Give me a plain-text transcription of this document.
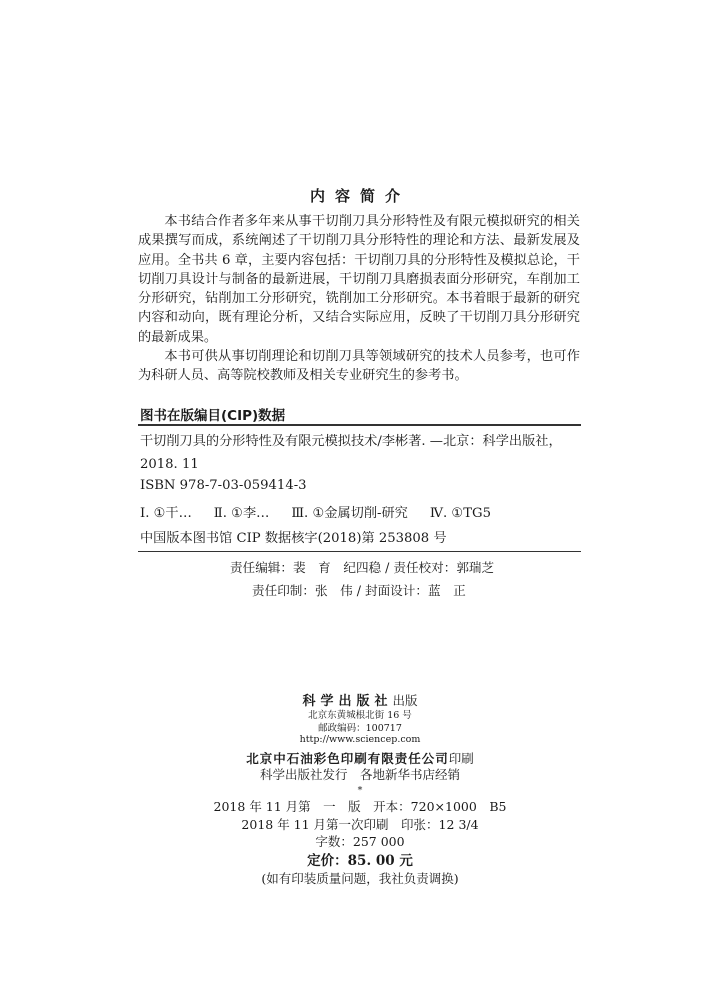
内容简介

本书结合作者多年来从事干切削刀具分形特性及有限元模拟研究的相关成果撰写而成，系统阐述了干切削刀具分形特性的理论和方法、最新发展及应用。全书共 6 章，主要内容包括：干切削刀具的分形特性及模拟总论，干切削刀具设计与制备的最新进展，干切削刀具磨损表面分形研究，车削加工分形研究，钻削加工分形研究，铣削加工分形研究。本书着眼于最新的研究内容和动向，既有理论分析，又结合实际应用，反映了干切削刀具分形研究的最新成果。

本书可供从事切削理论和切削刀具等领域研究的技术人员参考，也可作为科研人员、高等院校教师及相关专业研究生的参考书。

图书在版编目(CIP)数据
干切削刀具的分形特性及有限元模拟技术/李彬著. —北京：科学出版社，
2018. 11
ISBN 978-7-03-059414-3
Ⅰ. ①干… Ⅱ. ①李… Ⅲ. ①金属切削-研究 Ⅳ. ①TG5
中国版本图书馆 CIP 数据核字(2018)第 253808 号
责任编辑：裴　育　纪四稳 / 责任校对：郭瑞芝
责任印制：张　伟 / 封面设计：蓝　正
科学出版社出版
北京东黄城根北街 16 号
邮政编码：100717
http://www.sciencep.com
北京中石油彩色印刷有限责任公司印刷
科学出版社发行　各地新华书店经销
*
2018 年 11 月第　一　版　开本：720×1000　B5
2018 年 11 月第一次印刷　印张：12 3/4
字数：257 000
定价：85. 00 元
(如有印装质量问题，我社负责调换)
